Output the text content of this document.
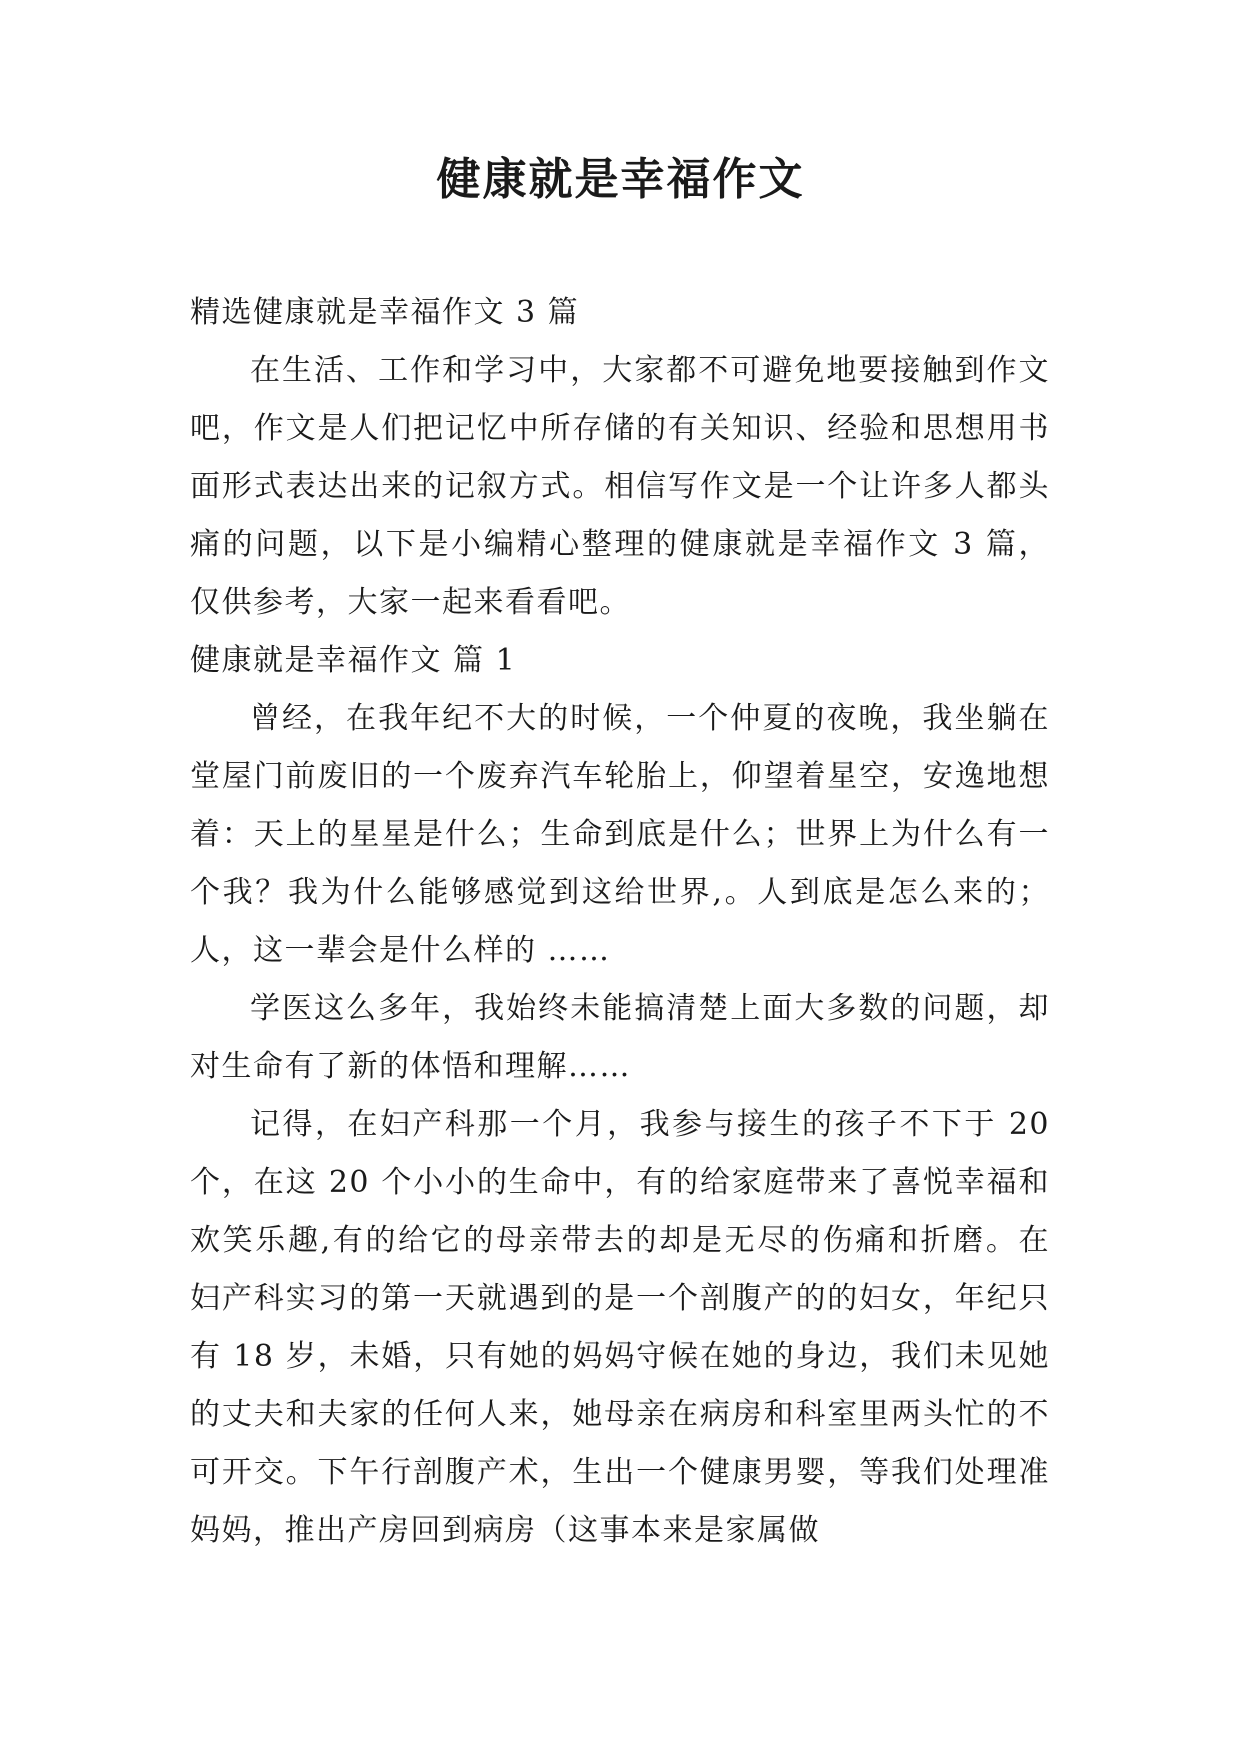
健康就是幸福作文

精选健康就是幸福作文 3 篇

在生活、工作和学习中，大家都不可避免地要接触到作文吧，作文是人们把记忆中所存储的有关知识、经验和思想用书面形式表达出来的记叙方式。相信写作文是一个让许多人都头痛的问题，以下是小编精心整理的健康就是幸福作文 3 篇，仅供参考，大家一起来看看吧。

健康就是幸福作文 篇 1

曾经，在我年纪不大的时候，一个仲夏的夜晚，我坐躺在堂屋门前废旧的一个废弃汽车轮胎上，仰望着星空，安逸地想着：天上的星星是什么；生命到底是什么；世界上为什么有一个我？我为什么能够感觉到这给世界,。人到底是怎么来的；人，这一辈会是什么样的 ……

学医这么多年，我始终未能搞清楚上面大多数的问题，却对生命有了新的体悟和理解……

记得，在妇产科那一个月，我参与接生的孩子不下于 20 个，在这 20 个小小的生命中，有的给家庭带来了喜悦幸福和欢笑乐趣,有的给它的母亲带去的却是无尽的伤痛和折磨。在妇产科实习的第一天就遇到的是一个剖腹产的的妇女，年纪只有 18 岁，未婚，只有她的妈妈守候在她的身边，我们未见她的丈夫和夫家的任何人来，她母亲在病房和科室里两头忙的不可开交。下午行剖腹产术，生出一个健康男婴，等我们处理准妈妈，推出产房回到病房（这事本来是家属做
